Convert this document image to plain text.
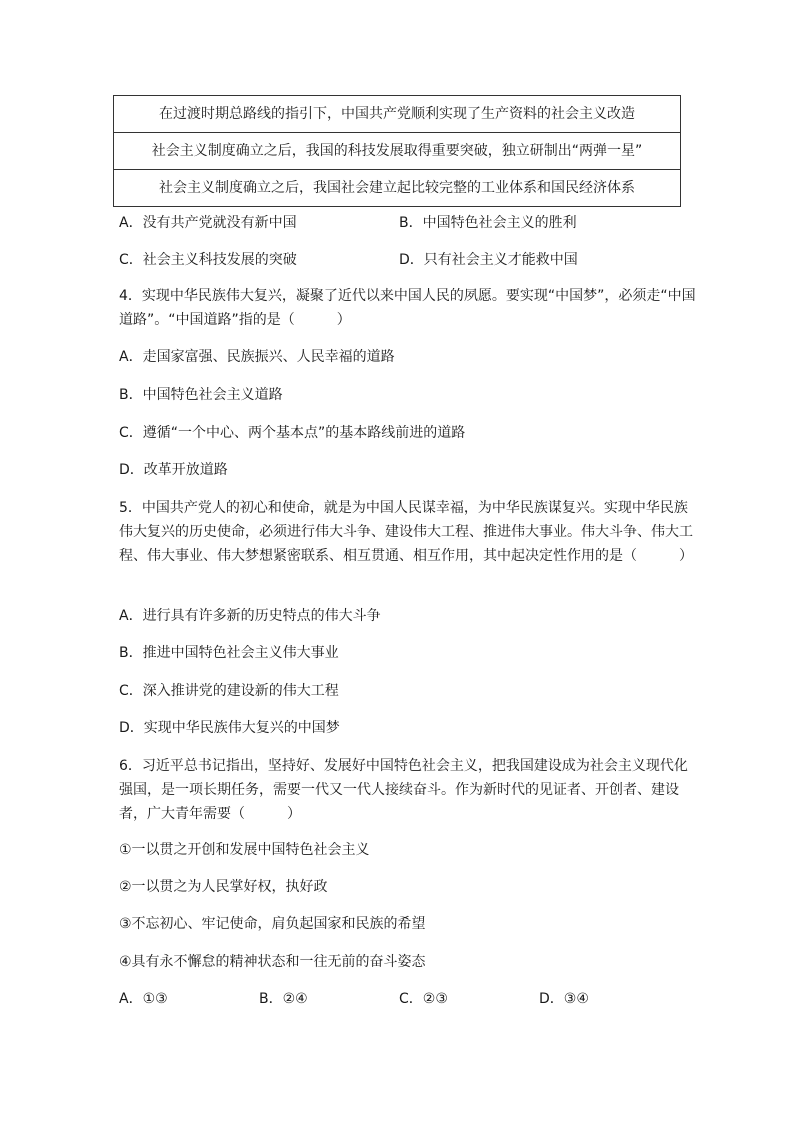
在过渡时期总路线的指引下，中国共产党顺利实现了生产资料的社会主义改造
社会主义制度确立之后，我国的科技发展取得重要突破，独立研制出“两弹一星”
社会主义制度确立之后，我国社会建立起比较完整的工业体系和国民经济体系
A．没有共产党就没有新中国	B．中国特色社会主义的胜利
C．社会主义科技发展的突破	D．只有社会主义才能救中国
4．实现中华民族伟大复兴，凝聚了近代以来中国人民的夙愿。要实现“中国梦”，必须走“中国道路”。“中国道路”指的是（　　　）
A．走国家富强、民族振兴、人民幸福的道路
B．中国特色社会主义道路
C．遵循“一个中心、两个基本点”的基本路线前进的道路
D．改革开放道路
5．中国共产党人的初心和使命，就是为中国人民谋幸福，为中华民族谋复兴。实现中华民族伟大复兴的历史使命，必须进行伟大斗争、建设伟大工程、推进伟大事业。伟大斗争、伟大工程、伟大事业、伟大梦想紧密联系、相互贯通、相互作用，其中起决定性作用的是（　　　）
A．进行具有许多新的历史特点的伟大斗争
B．推进中国特色社会主义伟大事业
C．深入推讲党的建设新的伟大工程
D．实现中华民族伟大复兴的中国梦
6．习近平总书记指出，坚持好、发展好中国特色社会主义，把我国建设成为社会主义现代化强国，是一项长期任务，需要一代又一代人接续奋斗。作为新时代的见证者、开创者、建设者，广大青年需要（　　　）
①一以贯之开创和发展中国特色社会主义
②一以贯之为人民掌好权，执好政
③不忘初心、牢记使命，肩负起国家和民族的希望
④具有永不懈怠的精神状态和一往无前的奋斗姿态
A．①③	B．②④	C．②③	D．③④
